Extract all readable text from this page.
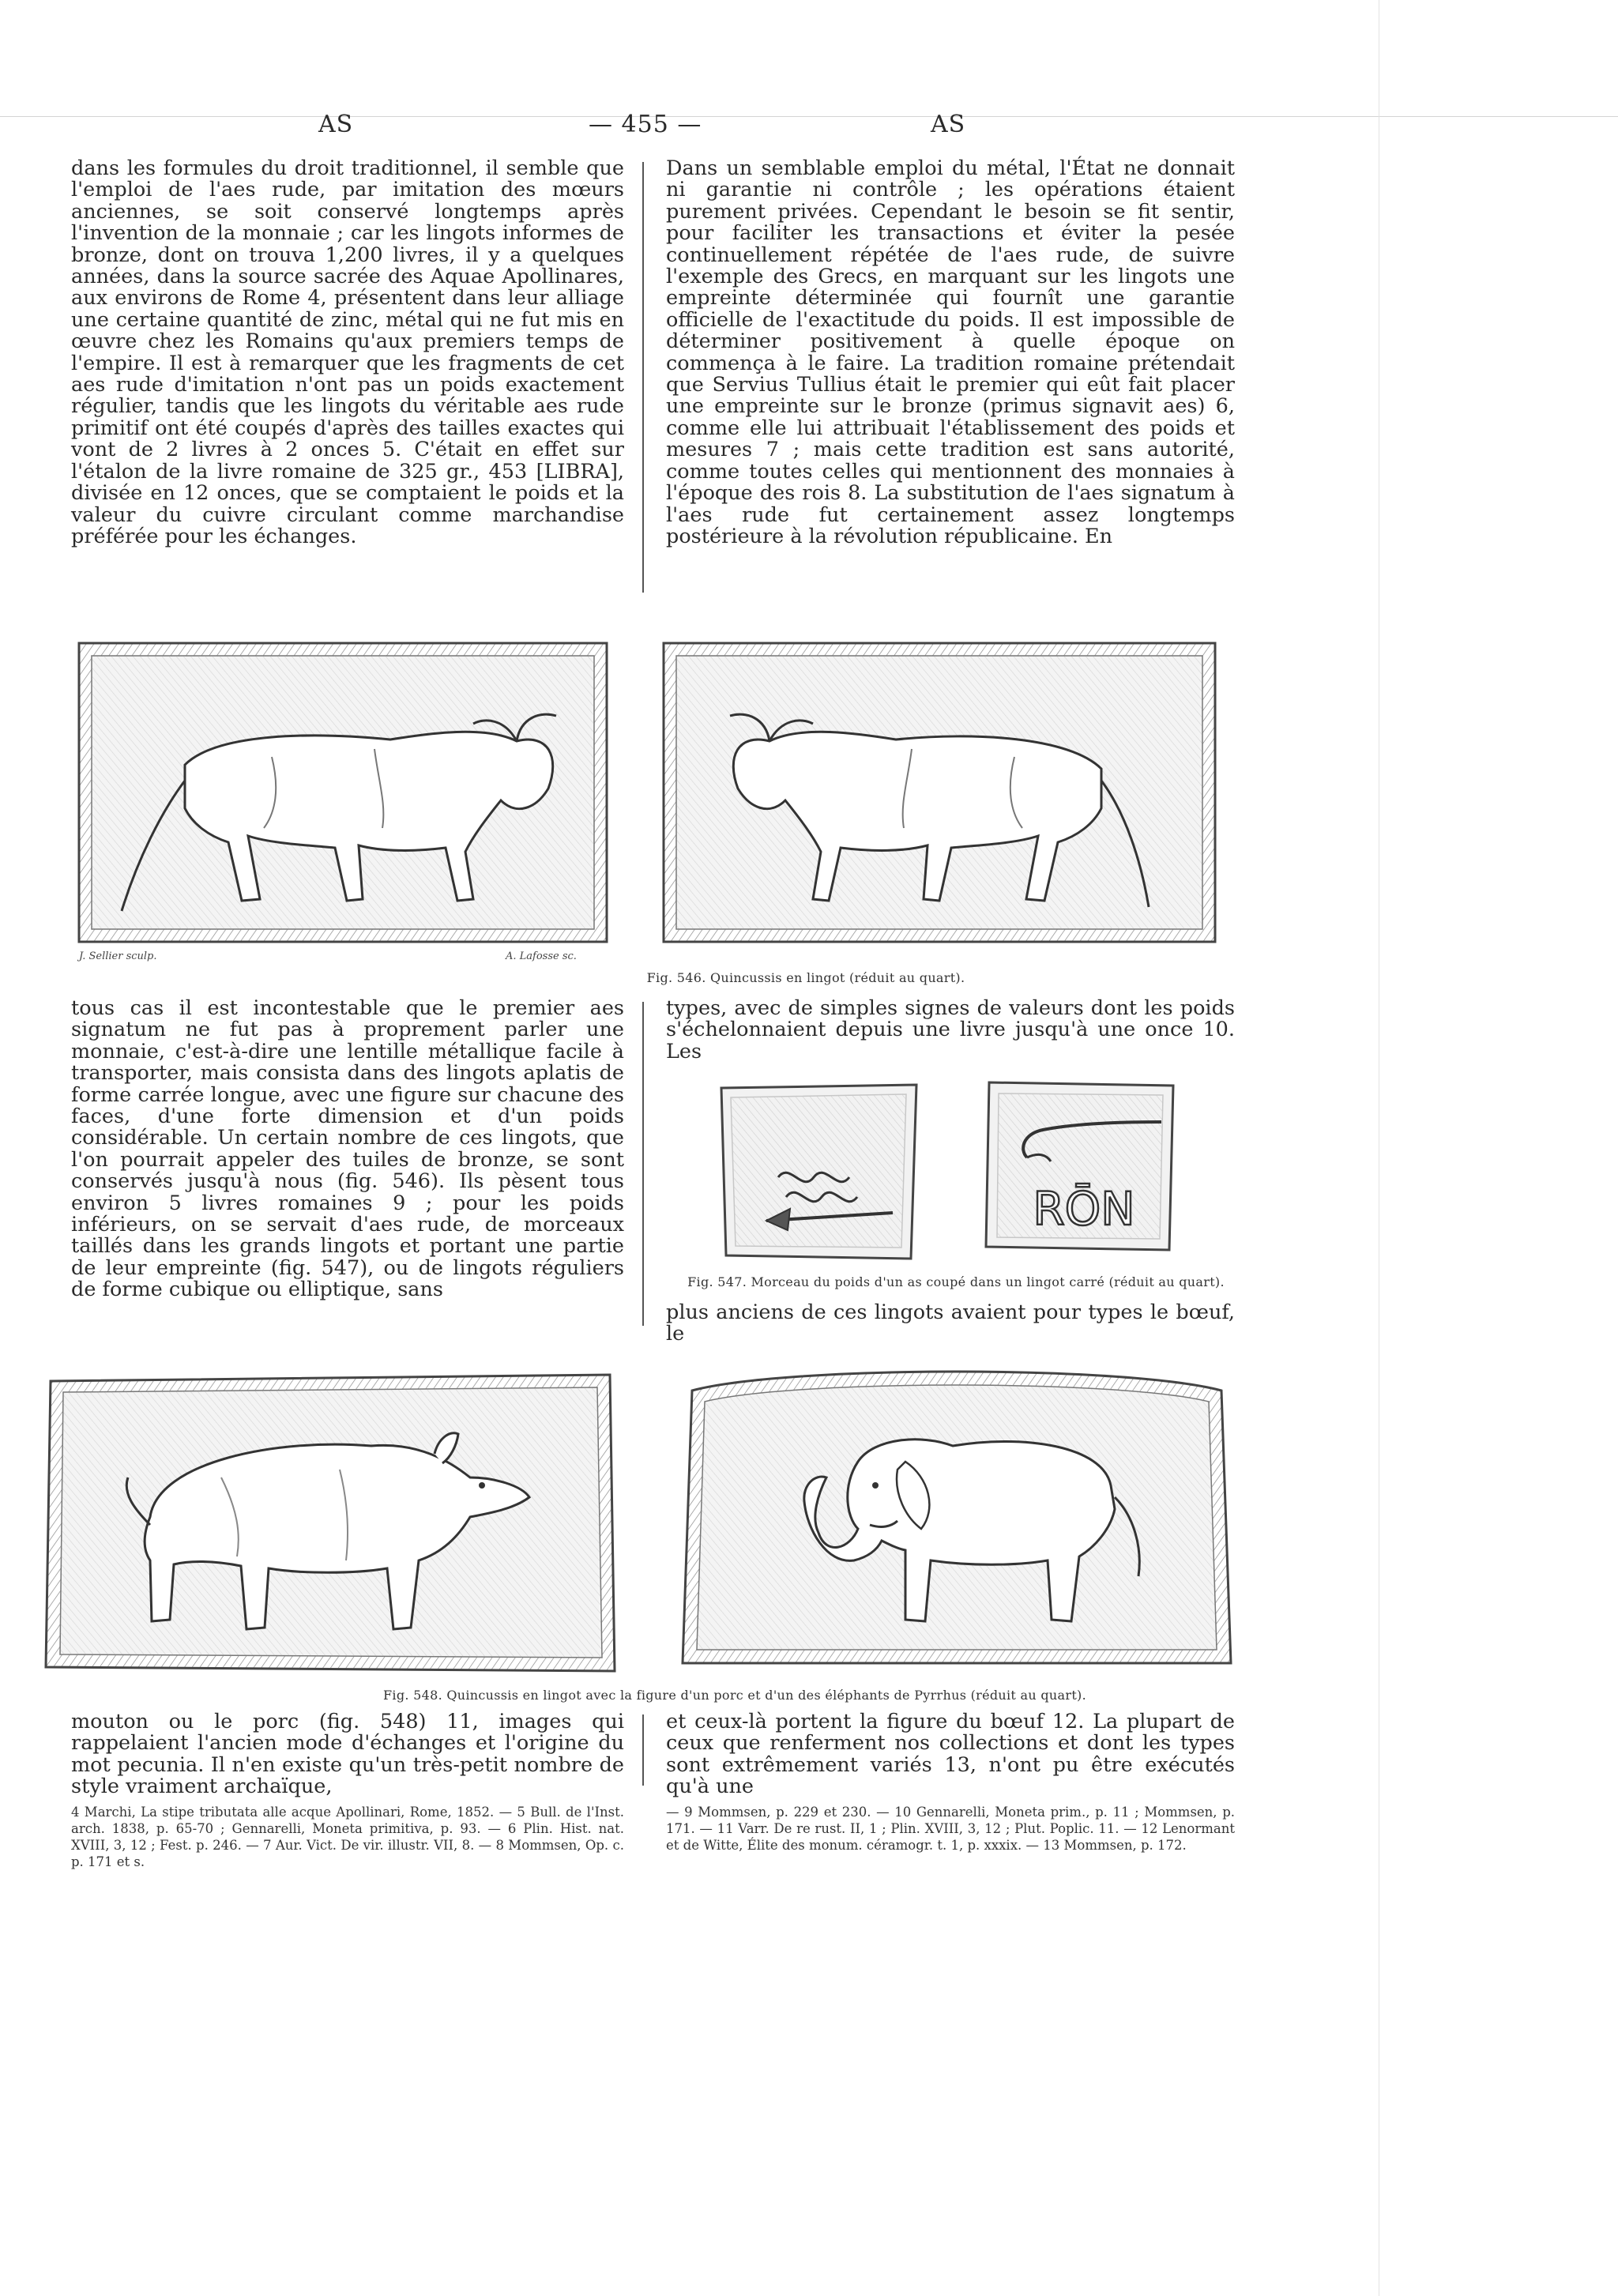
AS	— 455 —	AS

dans les formules du droit traditionnel, il semble que l'emploi de l'aes rude, par imitation des mœurs anciennes, se soit conservé longtemps après l'invention de la monnaie ; car les lingots informes de bronze, dont on trouva 1,200 livres, il y a quelques années, dans la source sacrée des Aquae Apollinares, aux environs de Rome 4, présentent dans leur alliage une certaine quantité de zinc, métal qui ne fut mis en œuvre chez les Romains qu'aux premiers temps de l'empire. Il est à remarquer que les fragments de cet aes rude d'imitation n'ont pas un poids exactement régulier, tandis que les lingots du véritable aes rude primitif ont été coupés d'après des tailles exactes qui vont de 2 livres à 2 onces 5. C'était en effet sur l'étalon de la livre romaine de 325 gr., 453 [LIBRA], divisée en 12 onces, que se comptaient le poids et la valeur du cuivre circulant comme marchandise préférée pour les échanges.

Dans un semblable emploi du métal, l'État ne donnait ni garantie ni contrôle ; les opérations étaient purement privées. Cependant le besoin se fit sentir, pour faciliter les transactions et éviter la pesée continuellement répétée de l'aes rude, de suivre l'exemple des Grecs, en marquant sur les lingots une empreinte déterminée qui fournît une garantie officielle de l'exactitude du poids. Il est impossible de déterminer positivement à quelle époque on commença à le faire. La tradition romaine prétendait que Servius Tullius était le premier qui eût fait placer une empreinte sur le bronze (primus signavit aes) 6, comme elle lui attribuait l'établissement des poids et mesures 7 ; mais cette tradition est sans autorité, comme toutes celles qui mentionnent des monnaies à l'époque des rois 8. La substitution de l'aes signatum à l'aes rude fut certainement assez longtemps postérieure à la révolution républicaine. En

J. Sellier sculp.	A. Lafosse sc.
Fig. 546. Quincussis en lingot (réduit au quart).

tous cas il est incontestable que le premier aes signatum ne fut pas à proprement parler une monnaie, c'est-à-dire une lentille métallique facile à transporter, mais consista dans des lingots aplatis de forme carrée longue, avec une figure sur chacune des faces, d'une forte dimension et d'un poids considérable. Un certain nombre de ces lingots, que l'on pourrait appeler des tuiles de bronze, se sont conservés jusqu'à nous (fig. 546). Ils pèsent tous environ 5 livres romaines 9 ; pour les poids inférieurs, on se servait d'aes rude, de morceaux taillés dans les grands lingots et portant une partie de leur empreinte (fig. 547), ou de lingots réguliers de forme cubique ou elliptique, sans

types, avec de simples signes de valeurs dont les poids s'échelonnaient depuis une livre jusqu'à une once 10. Les

RŌN
Fig. 547. Morceau du poids d'un as coupé dans un lingot carré (réduit au quart).

plus anciens de ces lingots avaient pour types le bœuf, le

Fig. 548. Quincussis en lingot avec la figure d'un porc et d'un des éléphants de Pyrrhus (réduit au quart).

mouton ou le porc (fig. 548) 11, images qui rappelaient l'ancien mode d'échanges et l'origine du mot pecunia. Il n'en existe qu'un très-petit nombre de style vraiment archaïque,

et ceux-là portent la figure du bœuf 12. La plupart de ceux que renferment nos collections et dont les types sont extrêmement variés 13, n'ont pu être exécutés qu'à une

4 Marchi, La stipe tributata alle acque Apollinari, Rome, 1852. — 5 Bull. de l'Inst. arch. 1838, p. 65-70 ; Gennarelli, Moneta primitiva, p. 93. — 6 Plin. Hist. nat. XVIII, 3, 12 ; Fest. p. 246. — 7 Aur. Vict. De vir. illustr. VII, 8. — 8 Mommsen, Op. c. p. 171 et s.

— 9 Mommsen, p. 229 et 230. — 10 Gennarelli, Moneta prim., p. 11 ; Mommsen, p. 171. — 11 Varr. De re rust. II, 1 ; Plin. XVIII, 3, 12 ; Plut. Poplic. 11. — 12 Lenormant et de Witte, Élite des monum. céramogr. t. 1, p. xxxix. — 13 Mommsen, p. 172.
